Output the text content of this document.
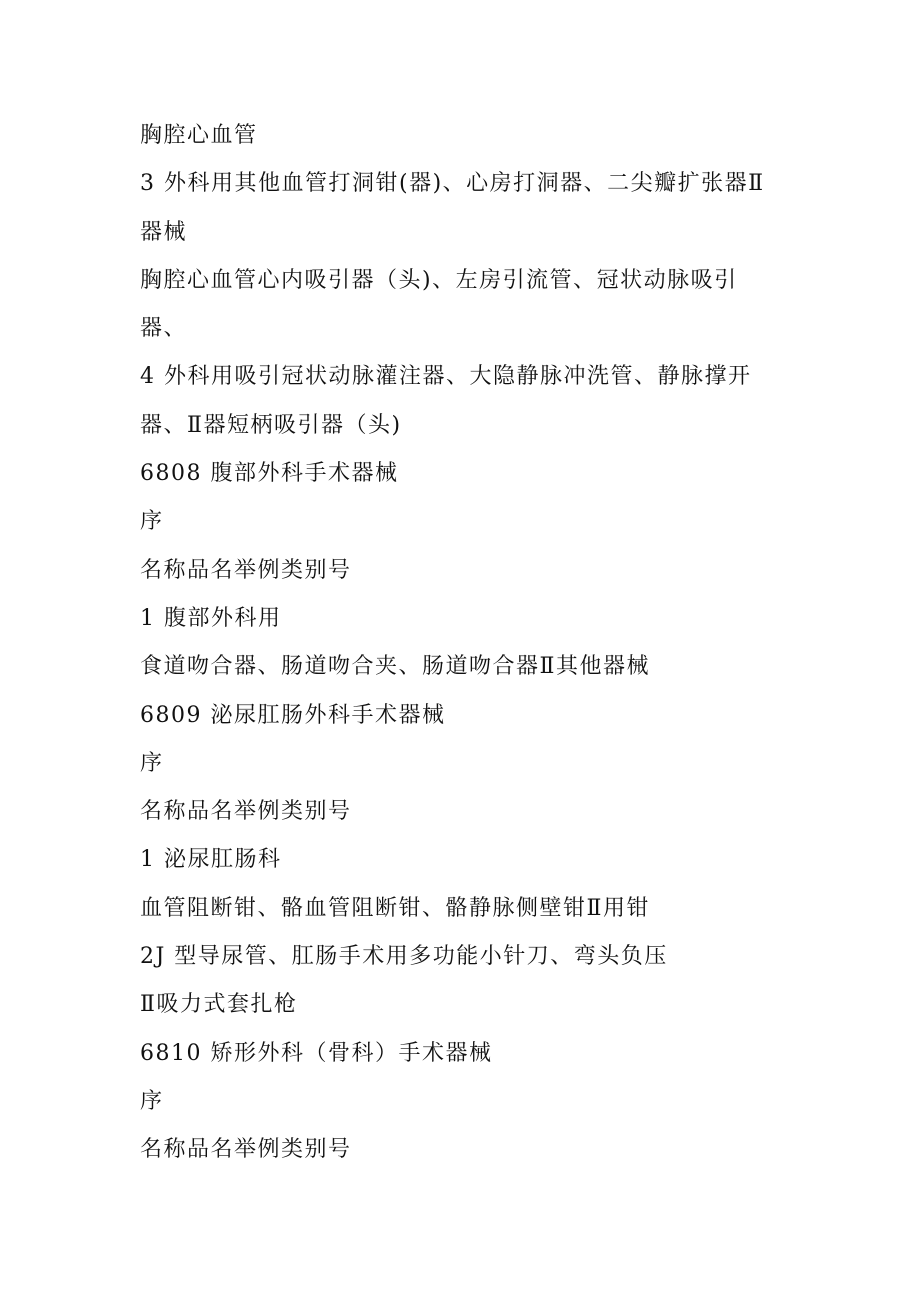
胸腔心血管
3 外科用其他血管打洞钳(器)、心房打洞器、二尖瓣扩张器Ⅱ
器械
胸腔心血管心内吸引器（头)、左房引流管、冠状动脉吸引
器、
4 外科用吸引冠状动脉灌注器、大隐静脉冲洗管、静脉撑开
器、Ⅱ器短柄吸引器（头)
6808 腹部外科手术器械
序
名称品名举例类别号
1 腹部外科用
食道吻合器、肠道吻合夹、肠道吻合器Ⅱ其他器械
6809 泌尿肛肠外科手术器械
序
名称品名举例类别号
1 泌尿肛肠科
血管阻断钳、骼血管阻断钳、骼静脉侧壁钳Ⅱ用钳
2J 型导尿管、肛肠手术用多功能小针刀、弯头负压
Ⅱ吸力式套扎枪
6810 矫形外科（骨科）手术器械
序
名称品名举例类别号
